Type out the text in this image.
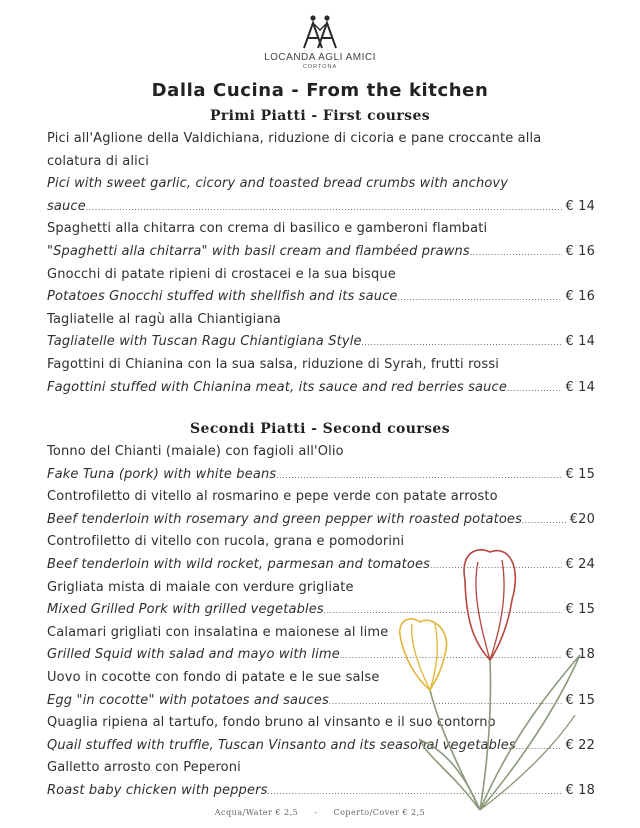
LOCANDA AGLI AMICI
CORTONA
Dalla Cucina - From the kitchen
Primi Piatti - First courses
Pici all'Aglione della Valdichiana, riduzione di cicoria e pane croccante alla
colatura di alici
Pici with sweet garlic, cicory and toasted bread crumbs with anchovy
sauce .....	€ 14
Spaghetti alla chitarra con crema di basilico e gamberoni flambati
"Spaghetti alla chitarra" with basil cream and flambéed prawns .....	€ 16
Gnocchi di patate ripieni di crostacei e la sua bisque
Potatoes Gnocchi stuffed with shellfish and its sauce .....	€ 16
Tagliatelle al ragù alla Chiantigiana
Tagliatelle with Tuscan Ragu Chiantigiana Style .....	€ 14
Fagottini di Chianina con la sua salsa, riduzione di Syrah, frutti rossi
Fagottini stuffed with Chianina meat, its sauce and red berries sauce .....	€ 14
Secondi Piatti - Second courses
Tonno del Chianti (maiale) con fagioli all'Olio
Fake Tuna (pork) with white beans .....	€ 15
Controfiletto di vitello al rosmarino e pepe verde con patate arrosto
Beef tenderloin with rosemary and green pepper with roasted potatoes .....	€20
Controfiletto di vitello con rucola, grana e pomodorini
Beef tenderloin with wild rocket, parmesan and tomatoes .....	€ 24
Grigliata mista di maiale con verdure grigliate
Mixed Grilled Pork with grilled vegetables .....	€ 15
Calamari grigliati con insalatina e maionese al lime
Grilled Squid with salad and mayo with lime .....	€ 18
Uovo in cocotte con fondo di patate e le sue salse
Egg "in cocotte" with potatoes and sauces .....	€ 15
Quaglia ripiena al tartufo, fondo bruno al vinsanto e il suo contorno
Quail stuffed with truffle, Tuscan Vinsanto and its seasonal vegetables .....	€ 22
Galletto arrosto con Peperoni
Roast baby chicken with peppers .....	€ 18
Acqua/Water € 2,5 - Coperto/Cover € 2,5
